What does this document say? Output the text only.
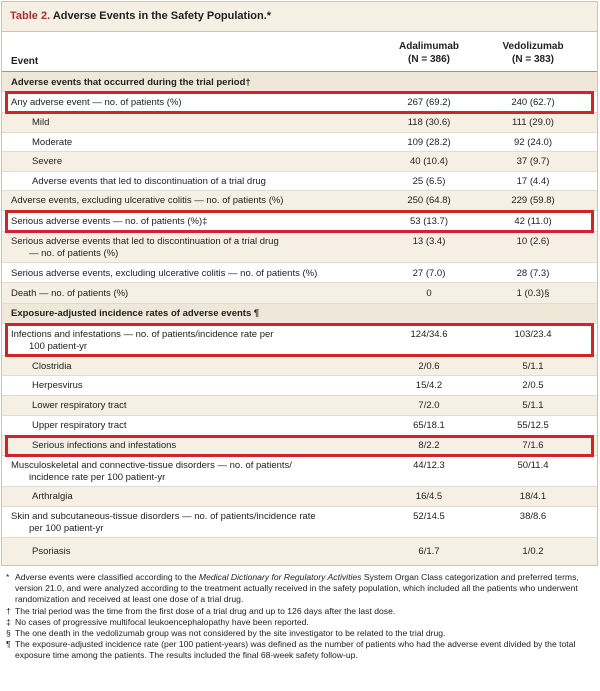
Table 2. Adverse Events in the Safety Population.*
Event
Adalimumab
(N = 386)
Vedolizumab
(N = 383)
Adverse events that occurred during the trial period†
Any adverse event — no. of patients (%)	267 (69.2)	240 (62.7)
Mild	118 (30.6)	111 (29.0)
Moderate	109 (28.2)	92 (24.0)
Severe	40 (10.4)	37 (9.7)
Adverse events that led to discontinuation of a trial drug	25 (6.5)	17 (4.4)
Adverse events, excluding ulcerative colitis — no. of patients (%)	250 (64.8)	229 (59.8)
Serious adverse events — no. of patients (%)‡	53 (13.7)	42 (11.0)
Serious adverse events that led to discontinuation of a trial drug
— no. of patients (%)
13 (3.4)	10 (2.6)
Serious adverse events, excluding ulcerative colitis — no. of patients (%)	27 (7.0)	28 (7.3)
Death — no. of patients (%)	0	1 (0.3)§
Exposure-adjusted incidence rates of adverse events ¶
Infections and infestations — no. of patients/incidence rate per
100 patient-yr
124/34.6	103/23.4
Clostridia	2/0.6	5/1.1
Herpesvirus	15/4.2	2/0.5
Lower respiratory tract	7/2.0	5/1.1
Upper respiratory tract	65/18.1	55/12.5
Serious infections and infestations	8/2.2	7/1.6
Musculoskeletal and connective-tissue disorders — no. of patients/
incidence rate per 100 patient-yr
44/12.3	50/11.4
Arthralgia	16/4.5	18/4.1
Skin and subcutaneous-tissue disorders — no. of patients/incidence rate
per 100 patient-yr
52/14.5	38/8.6
Psoriasis	6/1.7	1/0.2
* Adverse events were classified according to the Medical Dictionary for Regulatory Activities System Organ Class categorization and preferred terms, version 21.0, and were analyzed according to the treatment actually received in the safety population, which included all the patients who underwent randomization and received at least one dose of a trial drug.
† The trial period was the time from the first dose of a trial drug and up to 126 days after the last dose.
‡ No cases of progressive multifocal leukoencephalopathy have been reported.
§ The one death in the vedolizumab group was not considered by the site investigator to be related to the trial drug.
¶ The exposure-adjusted incidence rate (per 100 patient-years) was defined as the number of patients who had the adverse event divided by the total exposure time among the patients. The results included the final 68-week safety follow-up.
